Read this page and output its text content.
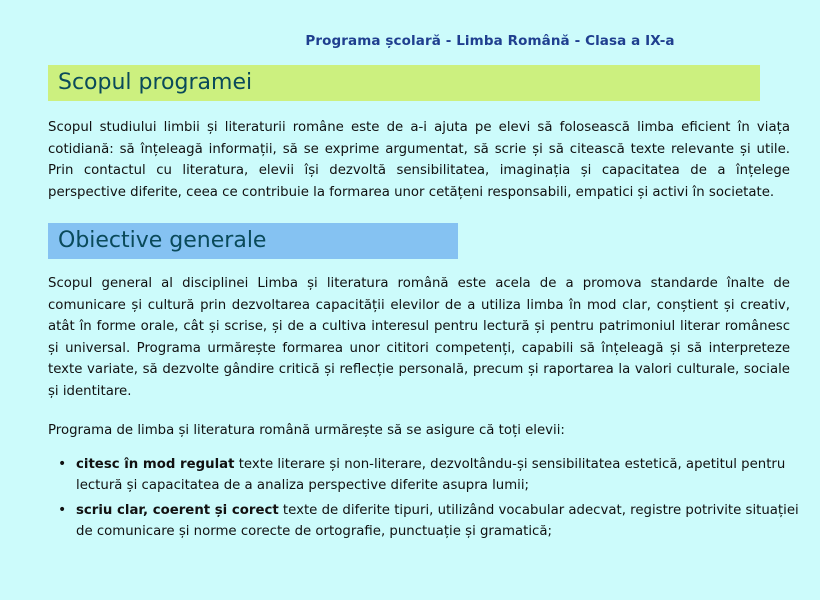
Programa școlară - Limba Română - Clasa a IX-a
Scopul programei

Scopul studiului limbii și literaturii române este de a-i ajuta pe elevi să folosească limba eficient în viața cotidiană: să înțeleagă informații, să se exprime argumentat, să scrie și să citească texte relevante și utile. Prin contactul cu literatura, elevii își dezvoltă sensibilitatea, imaginația și capacitatea de a înțelege perspective diferite, ceea ce contribuie la formarea unor cetățeni responsabili, empatici și activi în societate.

Obiective generale

Scopul general al disciplinei Limba și literatura română este acela de a promova standarde înalte de comunicare și cultură prin dezvoltarea capacității elevilor de a utiliza limba în mod clar, conștient și creativ, atât în forme orale, cât și scrise, și de a cultiva interesul pentru lectură și pentru patrimoniul literar românesc și universal. Programa urmărește formarea unor cititori competenți, capabili să înțeleagă și să interpreteze texte variate, să dezvolte gândire critică și reflecție personală, precum și raportarea la valori culturale, sociale și identitare.

Programa de limba și literatura română urmărește să se asigure că toți elevii:

• citesc în mod regulat texte literare și non-literare, dezvoltându-și sensibilitatea estetică, apetitul pentru lectură și capacitatea de a analiza perspective diferite asupra lumii;
• scriu clar, coerent și corect texte de diferite tipuri, utilizând vocabular adecvat, registre potrivite situației de comunicare și norme corecte de ortografie, punctuație și gramatică;
